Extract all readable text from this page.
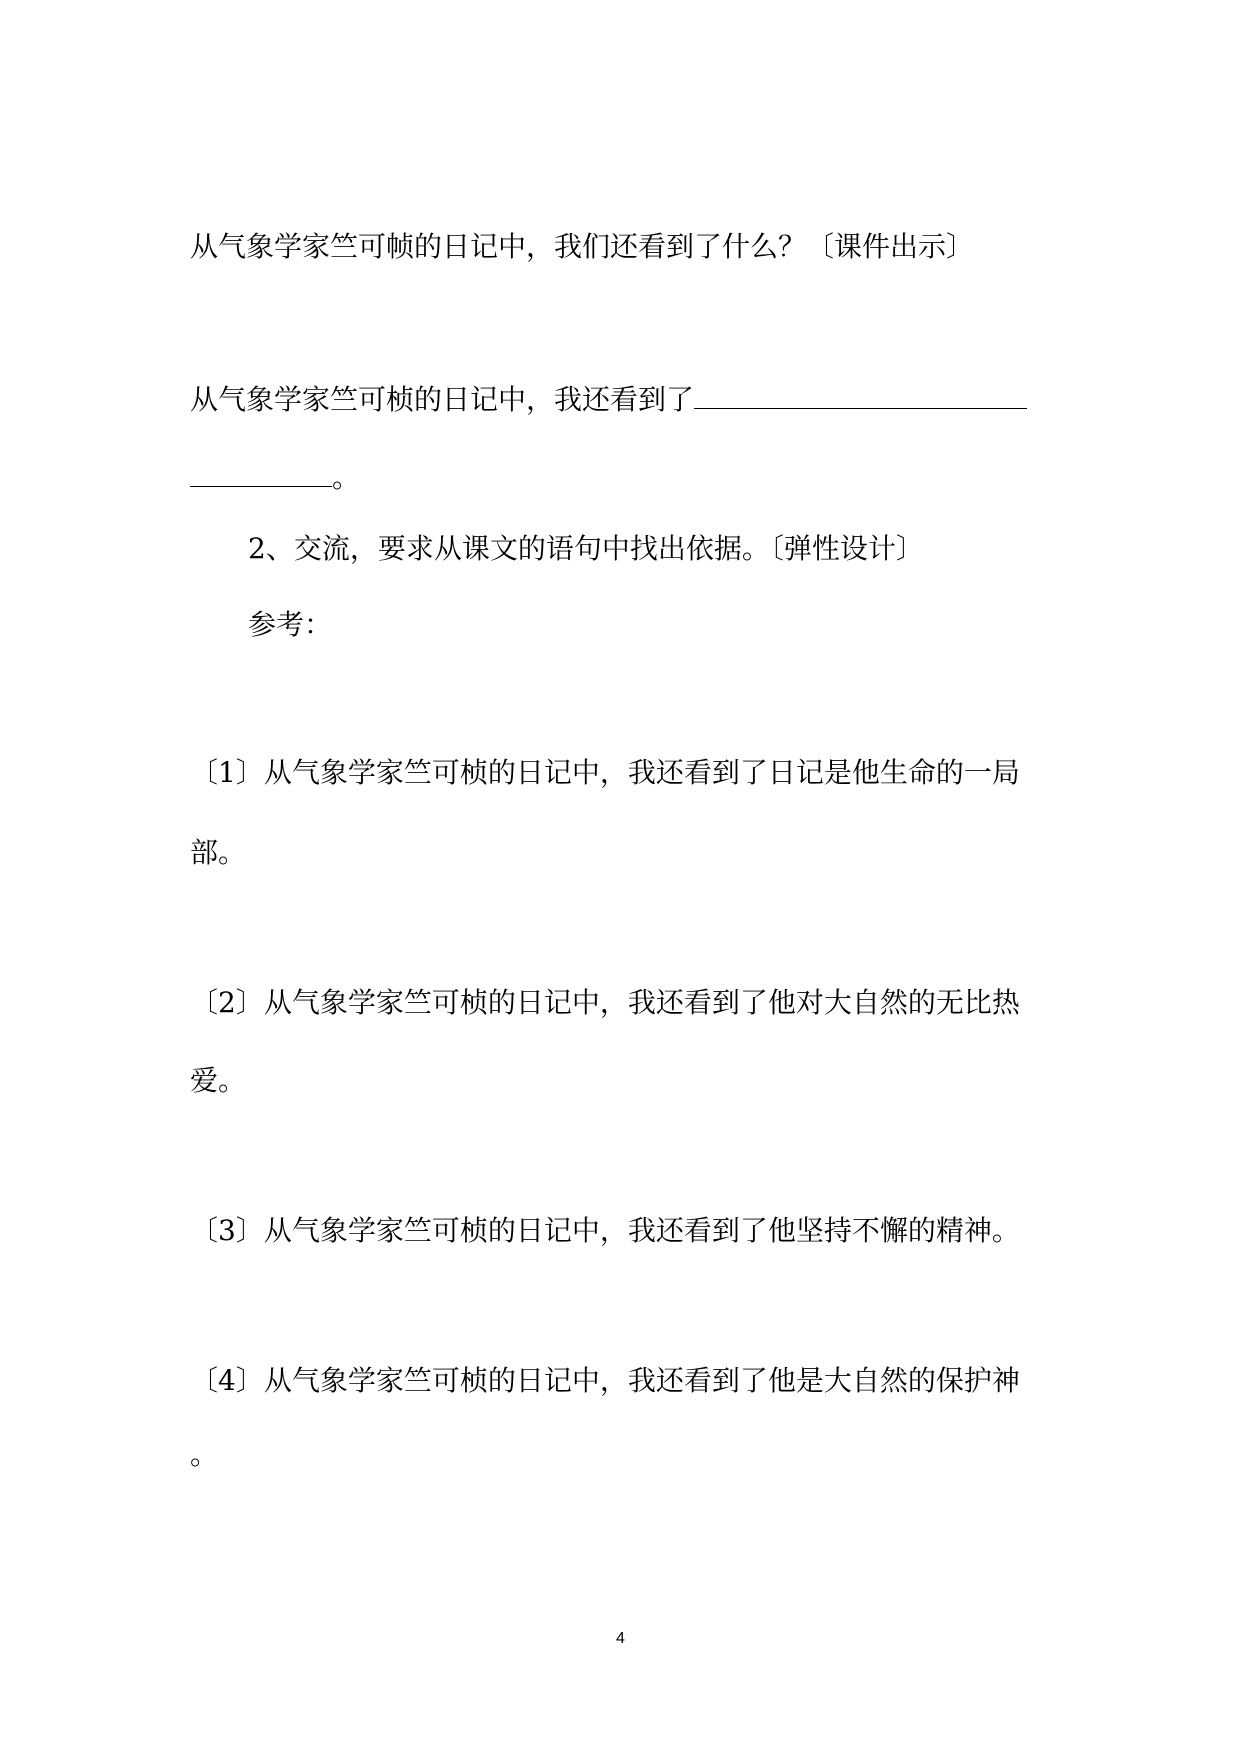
从气象学家竺可帧的日记中，我们还看到了什么？〔课件出示〕
从气象学家竺可桢的日记中，我还看到了
。
2、交流，要求从课文的语句中找出依据。〔弹性设计〕
参考：
〔1〕从气象学家竺可桢的日记中，我还看到了日记是他生命的一局
部。
〔2〕从气象学家竺可桢的日记中，我还看到了他对大自然的无比热
爱。
〔3〕从气象学家竺可桢的日记中，我还看到了他坚持不懈的精神。
〔4〕从气象学家竺可桢的日记中，我还看到了他是大自然的保护神
。
4
